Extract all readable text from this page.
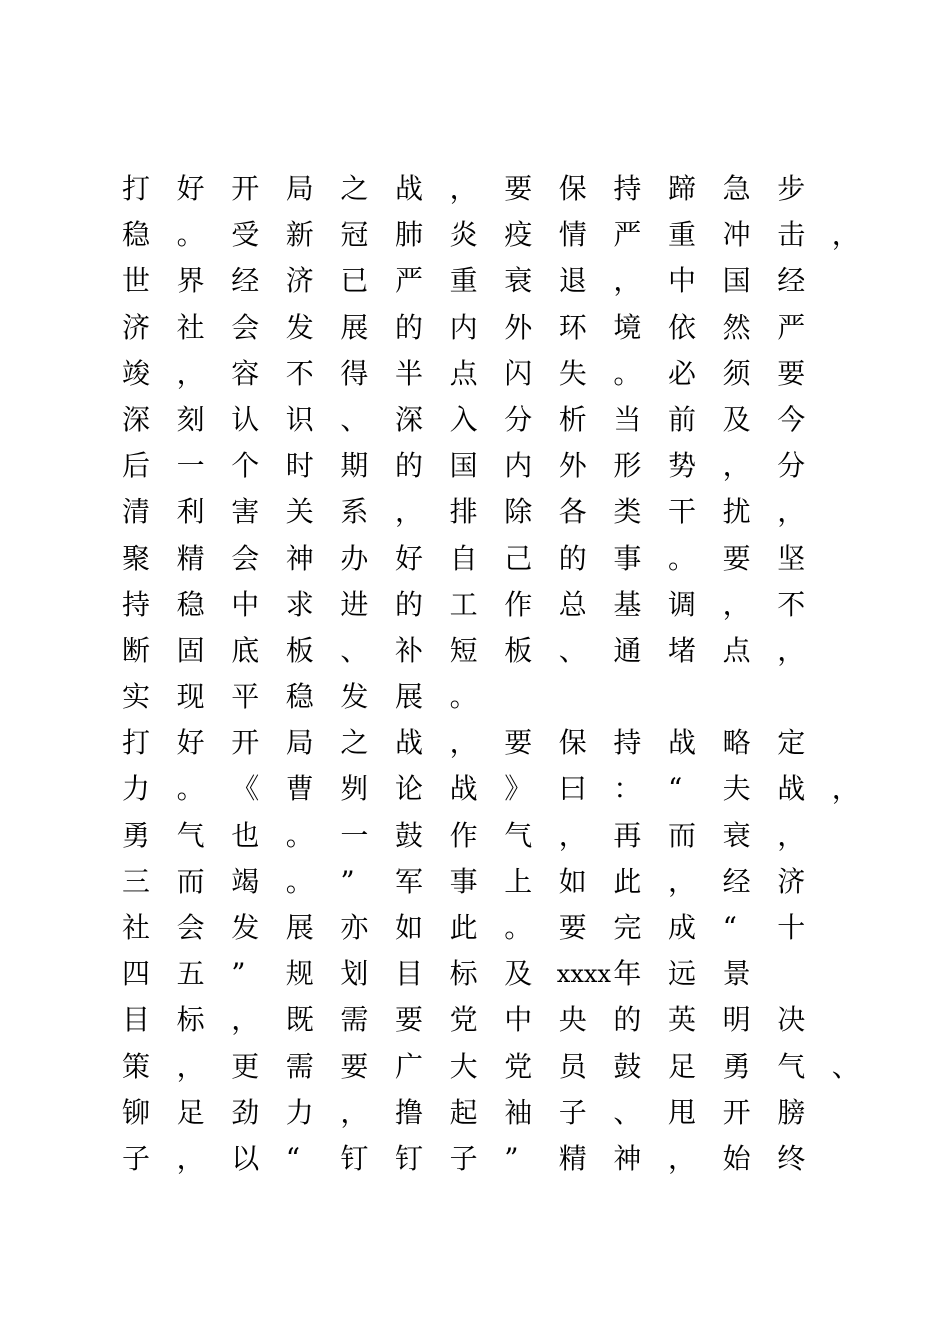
打 好 开 局 之 战 ， 要 保 持 蹄 急 步
稳 。 受 新 冠 肺 炎 疫 情 严 重 冲 击 ，
世 界 经 济 已 严 重 衰 退 ， 中 国 经
济 社 会 发 展 的 内 外 环 境 依 然 严
竣 ， 容 不 得 半 点 闪 失 。 必 须 要
深 刻 认 识 、 深 入 分 析 当 前 及 今
后 一 个 时 期 的 国 内 外 形 势 ， 分
清 利 害 关 系 ， 排 除 各 类 干 扰 ，
聚 精 会 神 办 好 自 己 的 事 。 要 坚
持 稳 中 求 进 的 工 作 总 基 调 ， 不
断 固 底 板 、 补 短 板 、 通 堵 点 ，
实 现 平 稳 发 展 。
打 好 开 局 之 战 ， 要 保 持 战 略 定
力 。 《 曹 刿 论 战 》 曰 ： “ 夫 战 ，
勇 气 也 。 一 鼓 作 气 ， 再 而 衰 ，
三 而 竭 。 ” 军 事 上 如 此 ， 经 济
社 会 发 展 亦 如 此 。 要 完 成 “ 十
四 五 ” 规 划 目 标 及 xxxx 年 远 景
目 标 ， 既 需 要 党 中 央 的 英 明 决
策 ， 更 需 要 广 大 党 员 鼓 足 勇 气 、
铆 足 劲 力 ， 撸 起 袖 子 、 甩 开 膀
子 ， 以 “ 钉 钉 子 ” 精 神 ， 始 终
